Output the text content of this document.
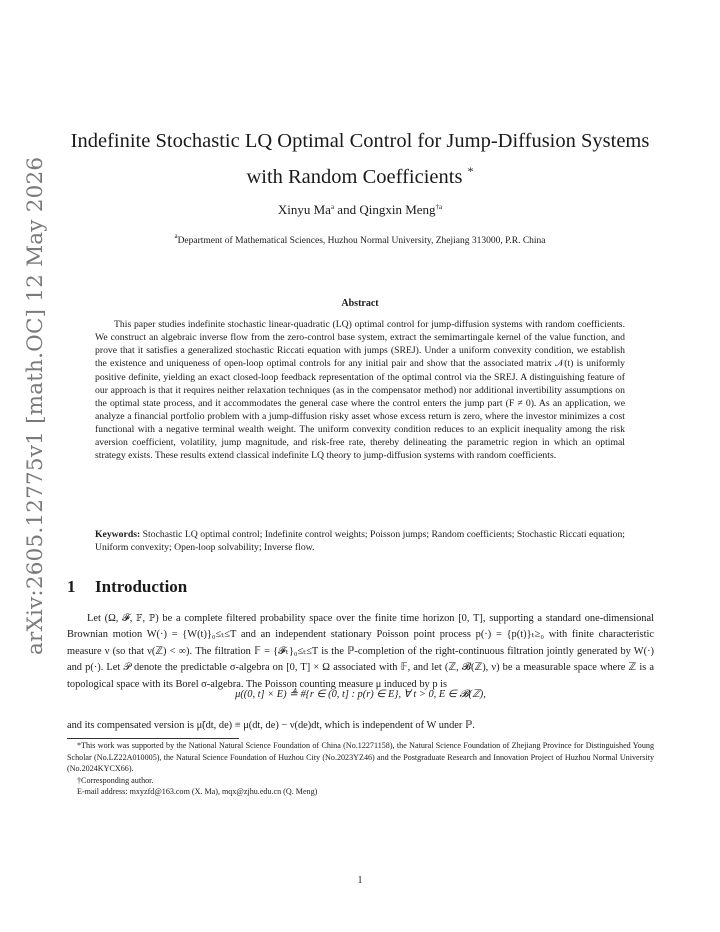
arXiv:2605.12775v1 [math.OC] 12 May 2026
Indefinite Stochastic LQ Optimal Control for Jump-Diffusion Systems
with Random Coefficients *
Xinyu Ma$^a$ and Qingxin Meng$^{\dagger a}$
$^a$Department of Mathematical Sciences, Huzhou Normal University, Zhejiang 313000, P.R. China
Abstract
This paper studies indefinite stochastic linear-quadratic (LQ) optimal control for jump-diffusion systems with random coefficients. We construct an algebraic inverse flow from the zero-control base system, extract the semimartingale kernel of the value function, and prove that it satisfies a generalized stochastic Riccati equation with jumps (SREJ). Under a uniform convexity condition, we establish the existence and uniqueness of open-loop optimal controls for any initial pair and show that the associated matrix 𝒩(t) is uniformly positive definite, yielding an exact closed-loop feedback representation of the optimal control via the SREJ. A distinguishing feature of our approach is that it requires neither relaxation techniques (as in the compensator method) nor additional invertibility assumptions on the optimal state process, and it accommodates the general case where the control enters the jump part (F ≠ 0). As an application, we analyze a financial portfolio problem with a jump-diffusion risky asset whose excess return is zero, where the investor minimizes a cost functional with a negative terminal wealth weight. The uniform convexity condition reduces to an explicit inequality among the risk aversion coefficient, volatility, jump magnitude, and risk-free rate, thereby delineating the parametric region in which an optimal strategy exists. These results extend classical indefinite LQ theory to jump-diffusion systems with random coefficients.
Keywords: Stochastic LQ optimal control; Indefinite control weights; Poisson jumps; Random coefficients; Stochastic Riccati equation; Uniform convexity; Open-loop solvability; Inverse flow.
1 Introduction
Let (Ω, 𝓕, 𝔽, ℙ) be a complete filtered probability space over the finite time horizon [0, T], supporting a standard one-dimensional Brownian motion W(·) = {W(t)}₀≤ₜ≤T and an independent stationary Poisson point process p(·) = {p(t)}ₜ≥₀ with finite characteristic measure ν (so that ν(ℤ) < ∞). The filtration 𝔽 = {𝓕ₜ}₀≤ₜ≤T is the ℙ-completion of the right-continuous filtration jointly generated by W(·) and p(·). Let 𝒫 denote the predictable σ-algebra on [0, T] × Ω associated with 𝔽, and let (ℤ, 𝓑(ℤ), ν) be a measurable space where ℤ is a topological space with its Borel σ-algebra. The Poisson counting measure μ induced by p is
μ((0, t] × E) ≜ #{r ∈ (0, t] : p(r) ∈ E}, ∀ t > 0, E ∈ 𝓑(ℤ),
and its compensated version is μ̃(dt, de) ≡ μ(dt, de) − ν(de)dt, which is independent of W under ℙ.

*This work was supported by the National Natural Science Foundation of China (No.12271158), the Natural Science Foundation of Zhejiang Province for Distinguished Young Scholar (No.LZ22A010005), the Natural Science Foundation of Huzhou City (No.2023YZ46) and the Postgraduate Research and Innovation Project of Huzhou Normal University (No.2024KYCX66).

†Corresponding author.

E-mail address: mxyzfd@163.com (X. Ma), mqx@zjhu.edu.cn (Q. Meng)

1
